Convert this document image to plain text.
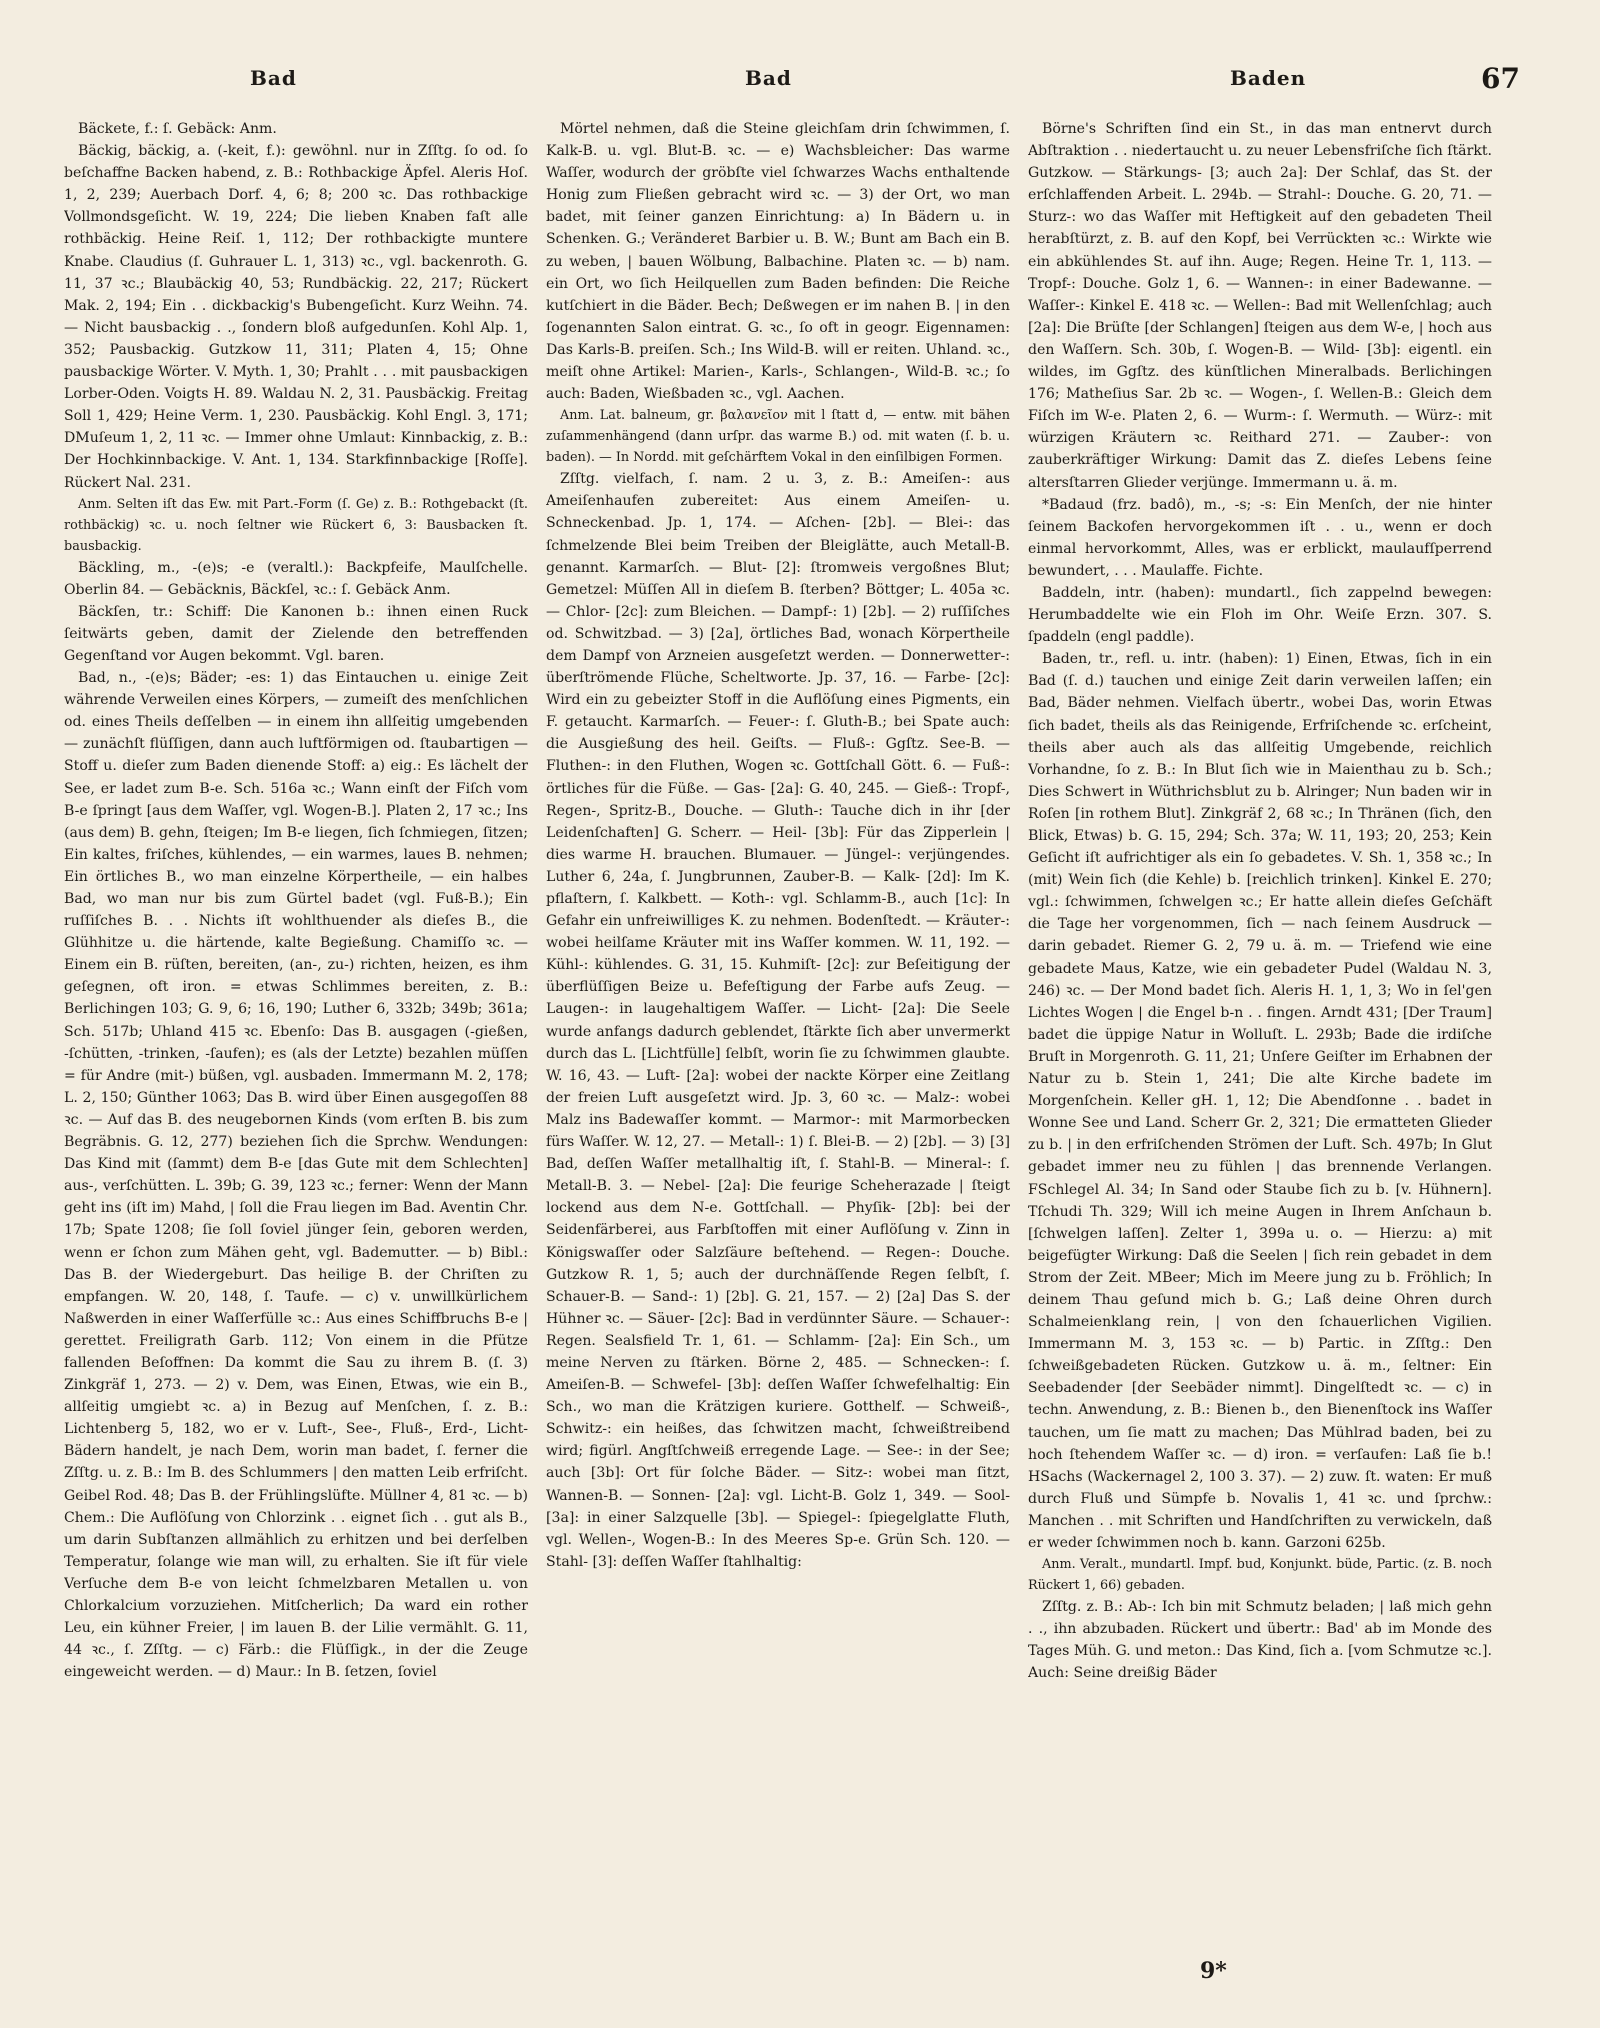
Bad	Bad	Baden	67

Bäckete, f.: ſ. Gebäck: Anm.

Bäckig, bäckig, a. (-keit, f.): gewöhnl. nur in Zſſtg. ſo od. ſo beſchaffne Backen habend, z. B.: Rothbackige Äpfel. Aleris Hoſ. 1, 2, 239; Auerbach Dorf. 4, 6; 8; 200 ꝛc. Das rothbackige Vollmondsgeſicht. W. 19, 224; Die lieben Knaben faſt alle rothbäckig. Heine Reiſ. 1, 112; Der rothbackigte muntere Knabe. Claudius (ſ. Guhrauer L. 1, 313) ꝛc., vgl. backenroth. G. 11, 37 ꝛc.; Blaubäckig 40, 53; Rundbäckig. 22, 217; Rückert Mak. 2, 194; Ein . . dickbackig's Bubengeſicht. Kurz Weihn. 74. — Nicht bausbackig . ., ſondern bloß aufgedunſen. Kohl Alp. 1, 352; Pausbackig. Gutzkow 11, 311; Platen 4, 15; Ohne pausbackige Wörter. V. Myth. 1, 30; Prahlt . . . mit pausbackigen Lorber-Oden. Voigts H. 89. Waldau N. 2, 31. Pausbäckig. Freitag Soll 1, 429; Heine Verm. 1, 230. Pausbäckig. Kohl Engl. 3, 171; DMuſeum 1, 2, 11 ꝛc. — Immer ohne Umlaut: Kinnbackig, z. B.: Der Hochkinnbackige. V. Ant. 1, 134. Starkfinnbackige [Roſſe]. Rückert Nal. 231.

Anm. Selten iſt das Ew. mit Part.-Form (ſ. Ge) z. B.: Rothgebackt (ſt. rothbäckig) ꝛc. u. noch ſeltner wie Rückert 6, 3: Bausbacken ſt. bausbackig.

Bäckling, m., -(e)s; -e (veraltl.): Backpfeife, Maulſchelle. Oberlin 84. — Gebäcknis, Bäckſel, ꝛc.: ſ. Gebäck Anm.

Bäckſen, tr.: Schiff: Die Kanonen b.: ihnen einen Ruck ſeitwärts geben, damit der Zielende den betreffenden Gegenſtand vor Augen bekommt. Vgl. baren.

Bad, n., -(e)s; Bäder; -es: 1) das Eintauchen u. einige Zeit währende Verweilen eines Körpers, — zumeiſt des menſchlichen od. eines Theils deſſelben — in einem ihn allſeitig umgebenden — zunächſt flüſſigen, dann auch luftförmigen od. ſtaubartigen — Stoff u. dieſer zum Baden dienende Stoff: a) eig.: Es lächelt der See, er ladet zum B-e. Sch. 516a ꝛc.; Wann einſt der Fiſch vom B-e ſpringt [aus dem Waſſer, vgl. Wogen-B.]. Platen 2, 17 ꝛc.; Ins (aus dem) B. gehn, ſteigen; Im B-e liegen, ſich ſchmiegen, ſitzen; Ein kaltes, friſches, kühlendes, — ein warmes, laues B. nehmen; Ein örtliches B., wo man einzelne Körpertheile, — ein halbes Bad, wo man nur bis zum Gürtel badet (vgl. Fuß-B.); Ein ruſſiſches B. . . Nichts iſt wohlthuender als dieſes B., die Glühhitze u. die härtende, kalte Begießung. Chamiſſo ꝛc. — Einem ein B. rüſten, bereiten, (an-, zu-) richten, heizen, es ihm geſegnen, oft iron. = etwas Schlimmes bereiten, z. B.: Berlichingen 103; G. 9, 6; 16, 190; Luther 6, 332b; 349b; 361a; Sch. 517b; Uhland 415 ꝛc. Ebenſo: Das B. ausgagen (-gießen, -ſchütten, -trinken, -ſaufen); es (als der Letzte) bezahlen müſſen = für Andre (mit-) büßen, vgl. ausbaden. Immermann M. 2, 178; L. 2, 150; Günther 1063; Das B. wird über Einen ausgegoſſen 88 ꝛc. — Auf das B. des neugebornen Kinds (vom erſten B. bis zum Begräbnis. G. 12, 277) beziehen ſich die Sprchw. Wendungen: Das Kind mit (ſammt) dem B-e [das Gute mit dem Schlechten] aus-, verſchütten. L. 39b; G. 39, 123 ꝛc.; ferner: Wenn der Mann geht ins (iſt im) Mahd, | ſoll die Frau liegen im Bad. Aventin Chr. 17b; Spate 1208; ſie ſoll ſoviel jünger ſein, geboren werden, wenn er ſchon zum Mähen geht, vgl. Bademutter. — b) Bibl.: Das B. der Wiedergeburt. Das heilige B. der Chriſten zu empfangen. W. 20, 148, ſ. Taufe. — c) v. unwillkürlichem Naßwerden in einer Waſſerfülle ꝛc.: Aus eines Schiffbruchs B-e | gerettet. Freiligrath Garb. 112; Von einem in die Pfütze fallenden Beſoffnen: Da kommt die Sau zu ihrem B. (ſ. 3) Zinkgräf 1, 273. — 2) v. Dem, was Einen, Etwas, wie ein B., allſeitig umgiebt ꝛc. a) in Bezug auf Menſchen, ſ. z. B.: Lichtenberg 5, 182, wo er v. Luft-, See-, Fluß-, Erd-, Licht-Bädern handelt, je nach Dem, worin man badet, ſ. ferner die Zſſtg. u. z. B.: Im B. des Schlummers | den matten Leib erfriſcht. Geibel Rod. 48; Das B. der Frühlingslüfte. Müllner 4, 81 ꝛc. — b) Chem.: Die Auflöſung von Chlorzink . . eignet ſich . . gut als B., um darin Subſtanzen allmählich zu erhitzen und bei derſelben Temperatur, ſolange wie man will, zu erhalten. Sie iſt für viele Verſuche dem B-e von leicht ſchmelzbaren Metallen u. von Chlorkalcium vorzuziehen. Mitſcherlich; Da ward ein rother Leu, ein kühner Freier, | im lauen B. der Lilie vermählt. G. 11, 44 ꝛc., ſ. Zſſtg. — c) Färb.: die Flüſſigk., in der die Zeuge eingeweicht werden. — d) Maur.: In B. ſetzen, ſoviel

Mörtel nehmen, daß die Steine gleichſam drin ſchwimmen, ſ. Kalk-B. u. vgl. Blut-B. ꝛc. — e) Wachsbleicher: Das warme Waſſer, wodurch der gröbſte viel ſchwarzes Wachs enthaltende Honig zum Fließen gebracht wird ꝛc. — 3) der Ort, wo man badet, mit ſeiner ganzen Einrichtung: a) In Bädern u. in Schenken. G.; Veränderet Barbier u. B. W.; Bunt am Bach ein B. zu weben, | bauen Wölbung, Balbachine. Platen ꝛc. — b) nam. ein Ort, wo ſich Heilquellen zum Baden befinden: Die Reiche kutſchiert in die Bäder. Bech; Deßwegen er im nahen B. | in den ſogenannten Salon eintrat. G. ꝛc., ſo oft in geogr. Eigennamen: Das Karls-B. preiſen. Sch.; Ins Wild-B. will er reiten. Uhland. ꝛc., meiſt ohne Artikel: Marien-, Karls-, Schlangen-, Wild-B. ꝛc.; ſo auch: Baden, Wießbaden ꝛc., vgl. Aachen.

Anm. Lat. balneum, gr. βαλανεῖον mit l ſtatt d, — entw. mit bähen zuſammenhängend (dann urſpr. das warme B.) od. mit waten (ſ. b. u. baden). — In Nordd. mit geſchärftem Vokal in den einſilbigen Formen.

Zſſtg. vielfach, ſ. nam. 2 u. 3, z. B.: Ameiſen-: aus Ameiſenhaufen zubereitet: Aus einem Ameiſen- u. Schneckenbad. Jp. 1, 174. — Aſchen- [2b]. — Blei-: das ſchmelzende Blei beim Treiben der Bleiglätte, auch Metall-B. genannt. Karmarſch. — Blut- [2]: ſtromweis vergoßnes Blut; Gemetzel: Müſſen All in dieſem B. ſterben? Böttger; L. 405a ꝛc. — Chlor- [2c]: zum Bleichen. — Dampf-: 1) [2b]. — 2) ruſſiſches od. Schwitzbad. — 3) [2a], örtliches Bad, wonach Körpertheile dem Dampf von Arzneien ausgeſetzt werden. — Donnerwetter-: überſtrömende Flüche, Scheltworte. Jp. 37, 16. — Farbe- [2c]: Wird ein zu gebeizter Stoff in die Auflöſung eines Pigments, ein F. getaucht. Karmarſch. — Feuer-: ſ. Gluth-B.; bei Spate auch: die Ausgießung des heil. Geiſts. — Fluß-: Ggſtz. See-B. — Fluthen-: in den Fluthen, Wogen ꝛc. Gottſchall Gött. 6. — Fuß-: örtliches für die Füße. — Gas- [2a]: G. 40, 245. — Gieß-: Tropf-, Regen-, Spritz-B., Douche. — Gluth-: Tauche dich in ihr [der Leidenſchaften] G. Scherr. — Heil- [3b]: Für das Zipperlein | dies warme H. brauchen. Blumauer. — Jüngel-: verjüngendes. Luther 6, 24a, ſ. Jungbrunnen, Zauber-B. — Kalk- [2d]: Im K. pflaſtern, ſ. Kalkbett. — Koth-: vgl. Schlamm-B., auch [1c]: In Gefahr ein unfreiwilliges K. zu nehmen. Bodenſtedt. — Kräuter-: wobei heilſame Kräuter mit ins Waſſer kommen. W. 11, 192. — Kühl-: kühlendes. G. 31, 15. Kuhmiſt- [2c]: zur Beſeitigung der überflüſſigen Beize u. Befeſtigung der Farbe aufs Zeug. — Laugen-: in laugehaltigem Waſſer. — Licht- [2a]: Die Seele wurde anfangs dadurch geblendet, ſtärkte ſich aber unvermerkt durch das L. [Lichtfülle] ſelbſt, worin ſie zu ſchwimmen glaubte. W. 16, 43. — Luft- [2a]: wobei der nackte Körper eine Zeitlang der freien Luft ausgeſetzt wird. Jp. 3, 60 ꝛc. — Malz-: wobei Malz ins Badewaſſer kommt. — Marmor-: mit Marmorbecken fürs Waſſer. W. 12, 27. — Metall-: 1) ſ. Blei-B. — 2) [2b]. — 3) [3] Bad, deſſen Waſſer metallhaltig iſt, ſ. Stahl-B. — Mineral-: ſ. Metall-B. 3. — Nebel- [2a]: Die feurige Scheherazade | ſteigt lockend aus dem N-e. Gottſchall. — Phyſik- [2b]: bei der Seidenfärberei, aus Farbſtoffen mit einer Auflöſung v. Zinn in Königswaſſer oder Salzſäure beſtehend. — Regen-: Douche. Gutzkow R. 1, 5; auch der durchnäſſende Regen ſelbſt, ſ. Schauer-B. — Sand-: 1) [2b]. G. 21, 157. — 2) [2a] Das S. der Hühner ꝛc. — Säuer- [2c]: Bad in verdünnter Säure. — Schauer-: Regen. Sealsfield Tr. 1, 61. — Schlamm- [2a]: Ein Sch., um meine Nerven zu ſtärken. Börne 2, 485. — Schnecken-: ſ. Ameiſen-B. — Schwefel- [3b]: deſſen Waſſer ſchwefelhaltig: Ein Sch., wo man die Krätzigen kuriere. Gotthelf. — Schweiß-, Schwitz-: ein heißes, das ſchwitzen macht, ſchweißtreibend wird; figürl. Angſtſchweiß erregende Lage. — See-: in der See; auch [3b]: Ort für ſolche Bäder. — Sitz-: wobei man ſitzt, Wannen-B. — Sonnen- [2a]: vgl. Licht-B. Golz 1, 349. — Sool- [3a]: in einer Salzquelle [3b]. — Spiegel-: ſpiegelglatte Fluth, vgl. Wellen-, Wogen-B.: In des Meeres Sp-e. Grün Sch. 120. — Stahl- [3]: deſſen Waſſer ſtahlhaltig:

Börne's Schriften ſind ein St., in das man entnervt durch Abſtraktion . . niedertaucht u. zu neuer Lebensfriſche ſich ſtärkt. Gutzkow. — Stärkungs- [3; auch 2a]: Der Schlaf, das St. der erſchlaffenden Arbeit. L. 294b. — Strahl-: Douche. G. 20, 71. — Sturz-: wo das Waſſer mit Heftigkeit auf den gebadeten Theil herabſtürzt, z. B. auf den Kopf, bei Verrückten ꝛc.: Wirkte wie ein abkühlendes St. auf ihn. Auge; Regen. Heine Tr. 1, 113. — Tropf-: Douche. Golz 1, 6. — Wannen-: in einer Badewanne. — Waſſer-: Kinkel E. 418 ꝛc. — Wellen-: Bad mit Wellenſchlag; auch [2a]: Die Brüſte [der Schlangen] ſteigen aus dem W-e, | hoch aus den Waſſern. Sch. 30b, ſ. Wogen-B. — Wild- [3b]: eigentl. ein wildes, im Ggſtz. des künſtlichen Mineralbads. Berlichingen 176; Matheſius Sar. 2b ꝛc. — Wogen-, ſ. Wellen-B.: Gleich dem Fiſch im W-e. Platen 2, 6. — Wurm-: ſ. Wermuth. — Würz-: mit würzigen Kräutern ꝛc. Reithard 271. — Zauber-: von zauberkräftiger Wirkung: Damit das Z. dieſes Lebens ſeine altersſtarren Glieder verjünge. Immermann u. ä. m.

*Badaud (frz. badô), m., -s; -s: Ein Menſch, der nie hinter ſeinem Backofen hervorgekommen iſt . . u., wenn er doch einmal hervorkommt, Alles, was er erblickt, maulaufſperrend bewundert, . . . Maulaffe. Fichte.

Baddeln, intr. (haben): mundartl., ſich zappelnd bewegen: Herumbaddelte wie ein Floh im Ohr. Weiſe Erzn. 307. S. ſpaddeln (engl paddle).

Baden, tr., refl. u. intr. (haben): 1) Einen, Etwas, ſich in ein Bad (ſ. d.) tauchen und einige Zeit darin verweilen laſſen; ein Bad, Bäder nehmen. Vielfach übertr., wobei Das, worin Etwas ſich badet, theils als das Reinigende, Erfriſchende ꝛc. erſcheint, theils aber auch als das allſeitig Umgebende, reichlich Vorhandne, ſo z. B.: In Blut ſich wie in Maienthau zu b. Sch.; Dies Schwert in Wüthrichsblut zu b. Alringer; Nun baden wir in Roſen [in rothem Blut]. Zinkgräf 2, 68 ꝛc.; In Thränen (ſich, den Blick, Etwas) b. G. 15, 294; Sch. 37a; W. 11, 193; 20, 253; Kein Geſicht iſt aufrichtiger als ein ſo gebadetes. V. Sh. 1, 358 ꝛc.; In (mit) Wein ſich (die Kehle) b. [reichlich trinken]. Kinkel E. 270; vgl.: ſchwimmen, ſchwelgen ꝛc.; Er hatte allein dieſes Geſchäft die Tage her vorgenommen, ſich — nach ſeinem Ausdruck — darin gebadet. Riemer G. 2, 79 u. ä. m. — Triefend wie eine gebadete Maus, Katze, wie ein gebadeter Pudel (Waldau N. 3, 246) ꝛc. — Der Mond badet ſich. Aleris H. 1, 1, 3; Wo in ſel'gen Lichtes Wogen | die Engel b-n . . fingen. Arndt 431; [Der Traum] badet die üppige Natur in Wolluſt. L. 293b; Bade die irdiſche Bruſt in Morgenroth. G. 11, 21; Unſere Geiſter im Erhabnen der Natur zu b. Stein 1, 241; Die alte Kirche badete im Morgenſchein. Keller gH. 1, 12; Die Abendſonne . . badet in Wonne See und Land. Scherr Gr. 2, 321; Die ermatteten Glieder zu b. | in den erfriſchenden Strömen der Luft. Sch. 497b; In Glut gebadet immer neu zu fühlen | das brennende Verlangen. FSchlegel Al. 34; In Sand oder Staube ſich zu b. [v. Hühnern]. Tſchudi Th. 329; Will ich meine Augen in Ihrem Anſchaun b. [ſchwelgen laſſen]. Zelter 1, 399a u. o. — Hierzu: a) mit beigefügter Wirkung: Daß die Seelen | ſich rein gebadet in dem Strom der Zeit. MBeer; Mich im Meere jung zu b. Fröhlich; In deinem Thau geſund mich b. G.; Laß deine Ohren durch Schalmeienklang rein, | von den ſchauerlichen Vigilien. Immermann M. 3, 153 ꝛc. — b) Partic. in Zſſtg.: Den ſchweißgebadeten Rücken. Gutzkow u. ä. m., ſeltner: Ein Seebadender [der Seebäder nimmt]. Dingelſtedt ꝛc. — c) in techn. Anwendung, z. B.: Bienen b., den Bienenſtock ins Waſſer tauchen, um ſie matt zu machen; Das Mühlrad baden, bei zu hoch ſtehendem Waſſer ꝛc. — d) iron. = verſaufen: Laß ſie b.! HSachs (Wackernagel 2, 100 3. 37). — 2) zuw. ſt. waten: Er muß durch Fluß und Sümpfe b. Novalis 1, 41 ꝛc. und ſprchw.: Manchen . . mit Schriften und Handſchriften zu verwickeln, daß er weder ſchwimmen noch b. kann. Garzoni 625b.

Anm. Veralt., mundartl. Impf. bud, Konjunkt. büde, Partic. (z. B. noch Rückert 1, 66) gebaden.

Zſſtg. z. B.: Ab-: Ich bin mit Schmutz beladen; | laß mich gehn . ., ihn abzubaden. Rückert und übertr.: Bad' ab im Monde des Tages Müh. G. und meton.: Das Kind, ſich a. [vom Schmutze ꝛc.]. Auch: Seine dreißig Bäder

9*
